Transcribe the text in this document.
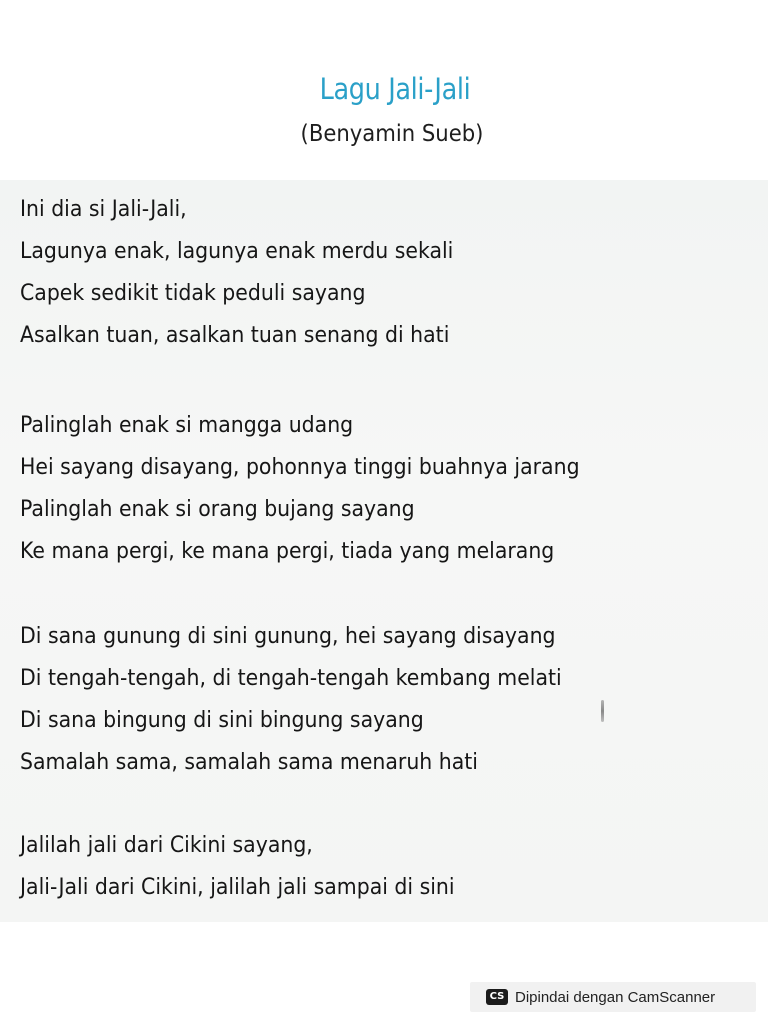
Lagu Jali-Jali
(Benyamin Sueb)
Ini dia si Jali-Jali,
Lagunya enak, lagunya enak merdu sekali
Capek sedikit tidak peduli sayang
Asalkan tuan, asalkan tuan senang di hati
Palinglah enak si mangga udang
Hei sayang disayang, pohonnya tinggi buahnya jarang
Palinglah enak si orang bujang sayang
Ke mana pergi, ke mana pergi, tiada yang melarang
Di sana gunung di sini gunung, hei sayang disayang
Di tengah-tengah, di tengah-tengah kembang melati
Di sana bingung di sini bingung sayang
Samalah sama, samalah sama menaruh hati
Jalilah jali dari Cikini sayang,
Jali-Jali dari Cikini, jalilah jali sampai di sini
CS Dipindai dengan CamScanner
